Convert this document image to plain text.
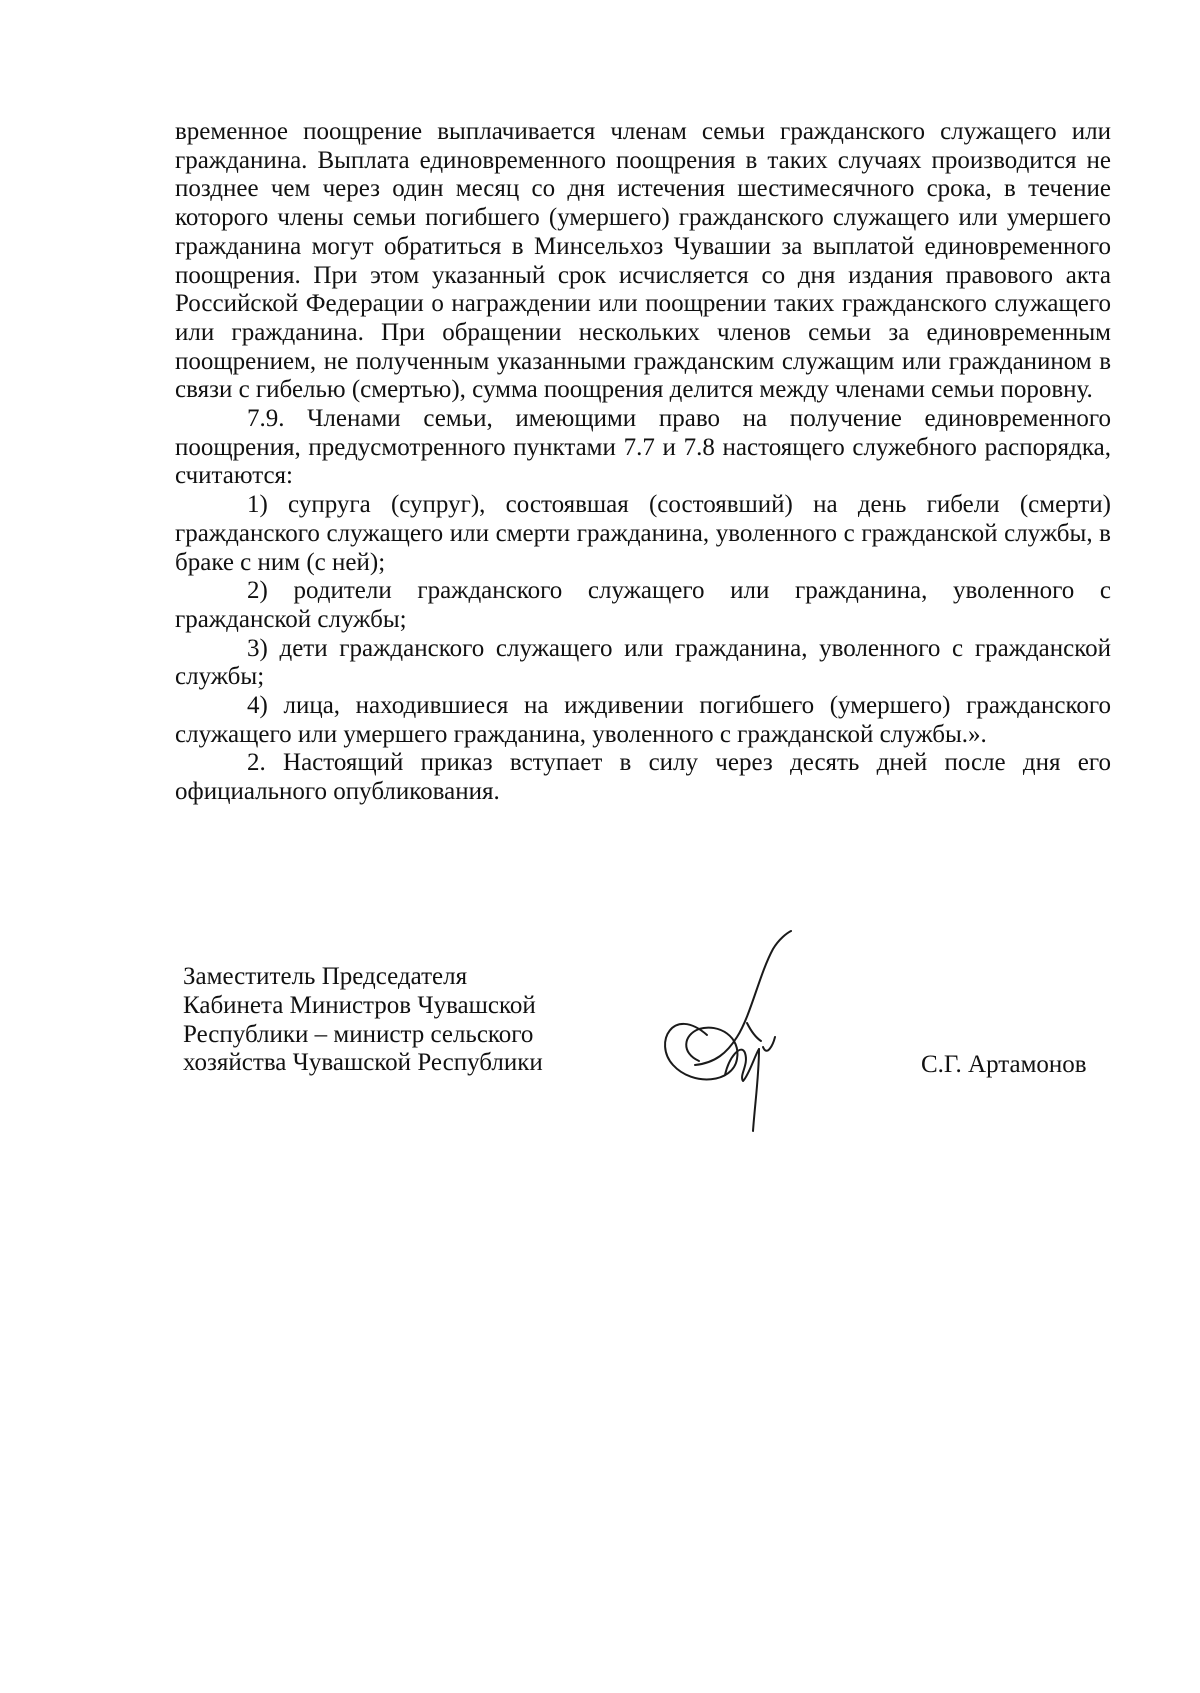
временное поощрение выплачивается членам семьи гражданского служащего или гражданина. Выплата единовременного поощрения в таких случаях производится не позднее чем через один месяц со дня истечения шестимесячного срока, в течение которого члены семьи погибшего (умершего) гражданского служащего или умершего гражданина могут обратиться в Минсельхоз Чувашии за выплатой единовременного поощрения. При этом указанный срок исчисляется со дня издания правового акта Российской Федерации о награждении или поощрении таких гражданского служащего или гражданина. При обращении нескольких членов семьи за единовременным поощрением, не полученным указанными гражданским служащим или гражданином в связи с гибелью (смертью), сумма поощрения делится между членами семьи поровну.

7.9. Членами семьи, имеющими право на получение единовременного поощрения, предусмотренного пунктами 7.7 и 7.8 настоящего служебного распорядка, считаются:

1) супруга (супруг), состоявшая (состоявший) на день гибели (смерти) гражданского служащего или смерти гражданина, уволенного с гражданской службы, в браке с ним (с ней);

2) родители гражданского служащего или гражданина, уволенного с гражданской службы;

3) дети гражданского служащего или гражданина, уволенного с гражданской службы;

4) лица, находившиеся на иждивении погибшего (умершего) гражданского служащего или умершего гражданина, уволенного с гражданской службы.».

2. Настоящий приказ вступает в силу через десять дней после дня его официального опубликования.

Заместитель Председателя
Кабинета Министров Чувашской
Республики – министр сельского
хозяйства Чувашской Республики	С.Г. Артамонов
